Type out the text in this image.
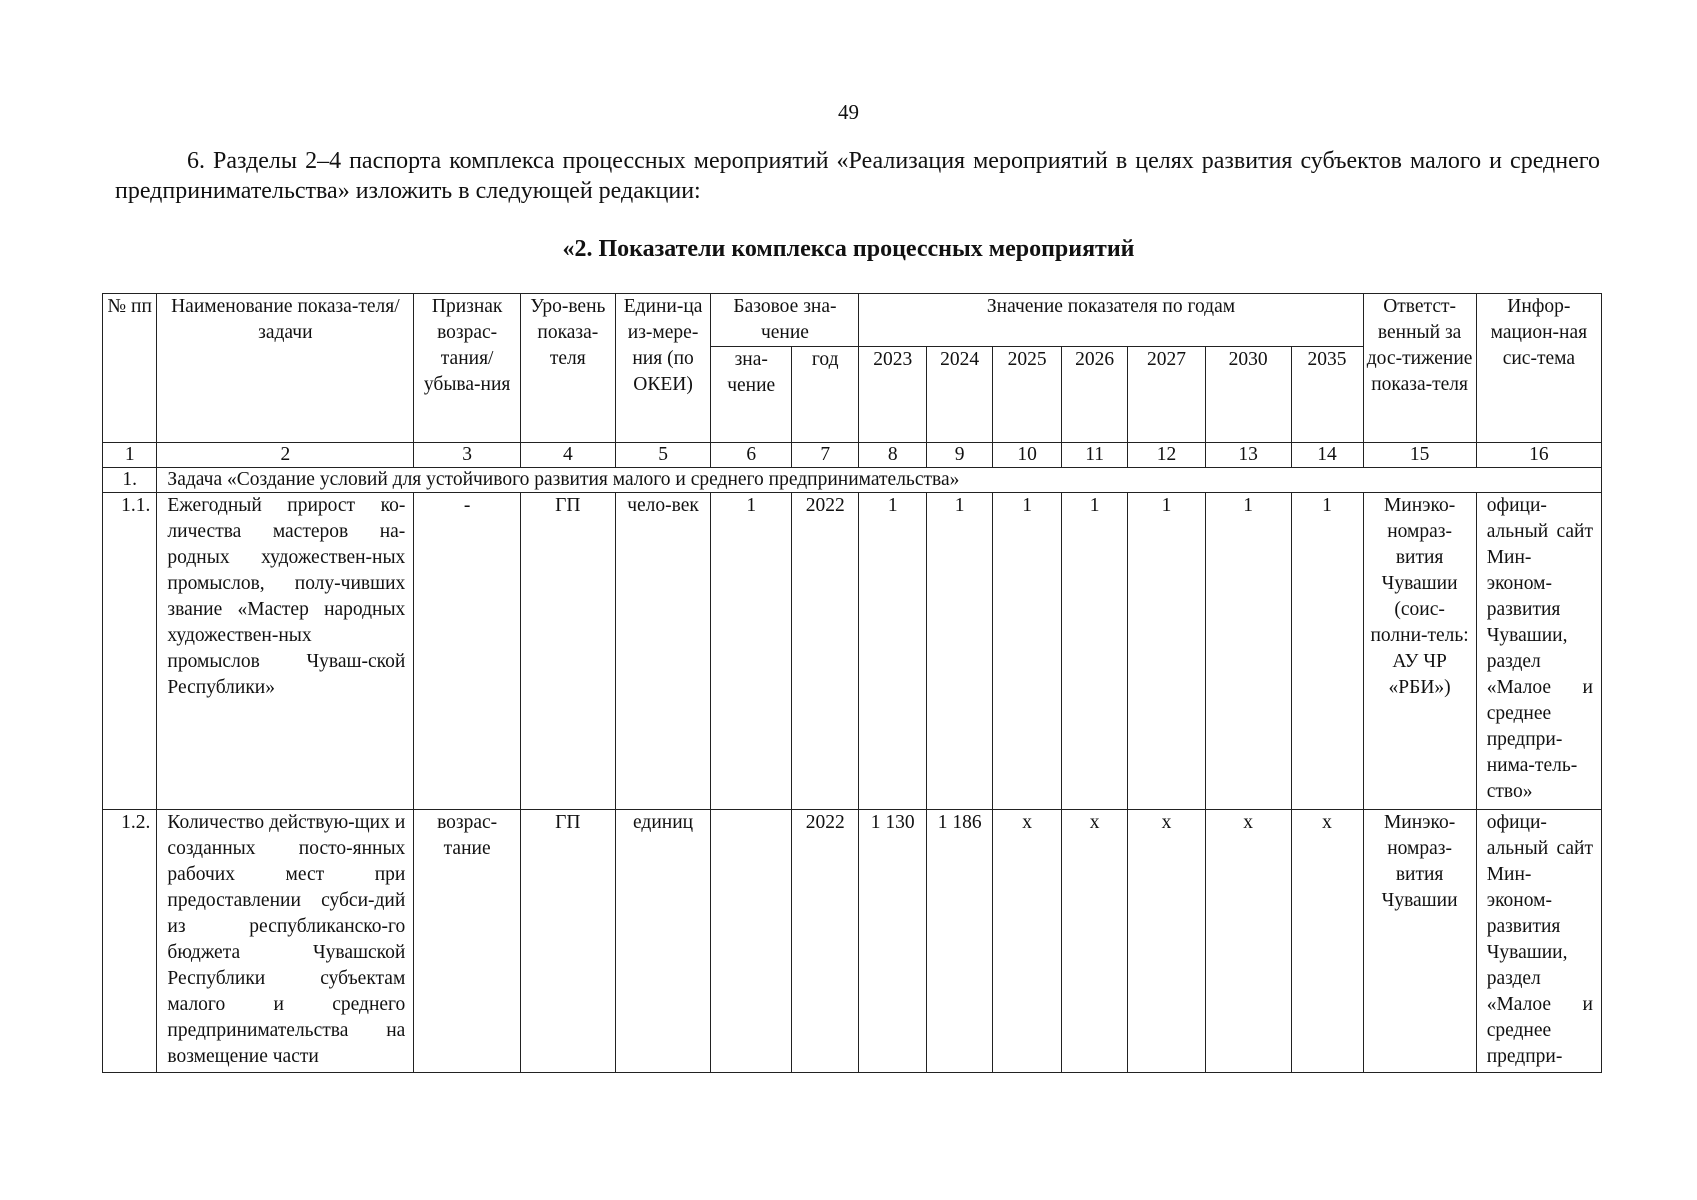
49
6. Разделы 2–4 паспорта комплекса процессных мероприятий «Реализация мероприятий в целях развития субъектов малого и среднего предпринимательства» изложить в следующей редакции:
«2. Показатели комплекса процессных мероприятий
№ пп	Наименование показа-теля/задачи	Признак возрас-тания/ убыва-ния	Уро-вень показа-теля	Едини-ца из-мере-ния (по ОКЕИ)	Базовое зна-чение		Значение показателя по годам							Ответст-венный за дос-тижение показа-теля	Инфор-мацион-ная сис-тема
					зна-чение	год	2023	2024	2025	2026	2027	2030	2035		
1	2	3	4	5	6	7	8	9	10	11	12	13	14	15	16
1.	Задача «Создание условий для устойчивого развития малого и среднего предпринимательства»														
1.1.	Ежегодный прирост ко-личества мастеров на-родных художествен-ных промыслов, полу-чивших звание «Мастер народных художествен-ных промыслов Чуваш-ской Республики»	-	ГП	чело-век	1	2022	1	1	1	1	1	1	1	Минэко-номраз-вития Чувашии (соис-полни-тель: АУ ЧР «РБИ»)	офици-альный сайт Мин-эконом-развития Чувашии, раздел «Малое и среднее предпри-нима-тель-ство»
1.2.	Количество действую-щих и созданных посто-янных рабочих мест при предоставлении субси-дий из республиканско-го бюджета Чувашской Республики субъектам малого и среднего предпринимательства на возмещение части	возрас-тание	ГП	единиц		2022	1 130	1 186	х	х	х	х	х	Минэко-номраз-вития Чувашии	офици-альный сайт Мин-эконом-развития Чувашии, раздел «Малое и среднее предпри-
